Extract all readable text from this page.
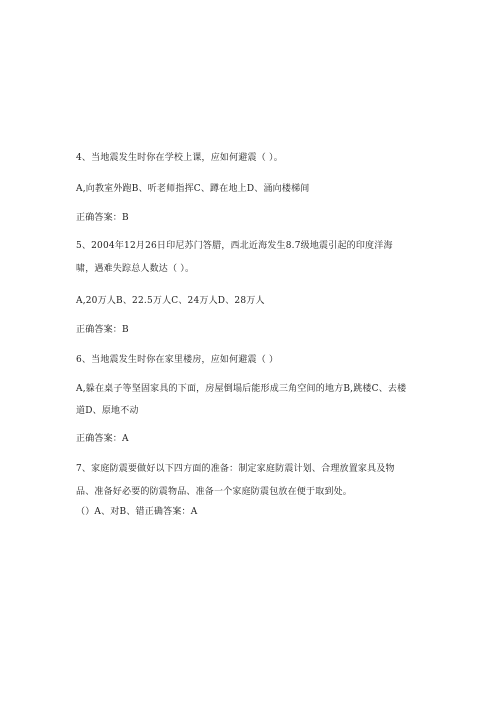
4、当地震发生时你在学校上课，应如何避震（ ）。
A,向教室外跑B、听老师指挥C、蹲在地上D、涌向楼梯间
正确答案：B
5、2004年12月26日印尼苏门答腊，西北近海发生8.7级地震引起的印度洋海
啸，遇难失踪总人数达（ ）。
A,20万人B、22.5万人C、24万人D、28万人
正确答案：B
6、当地震发生时你在家里楼房，应如何避震（ ）
A,躲在桌子等坚固家具的下面，房屋倒塌后能形成三角空间的地方B,跳楼C、去楼
道D、原地不动
正确答案：A
7、家庭防震要做好以下四方面的准备：制定家庭防震计划、合理放置家具及物
品、准备好必要的防震物品、准备一个家庭防震包放在便于取到处。
（）A、对B、错正确答案：A
